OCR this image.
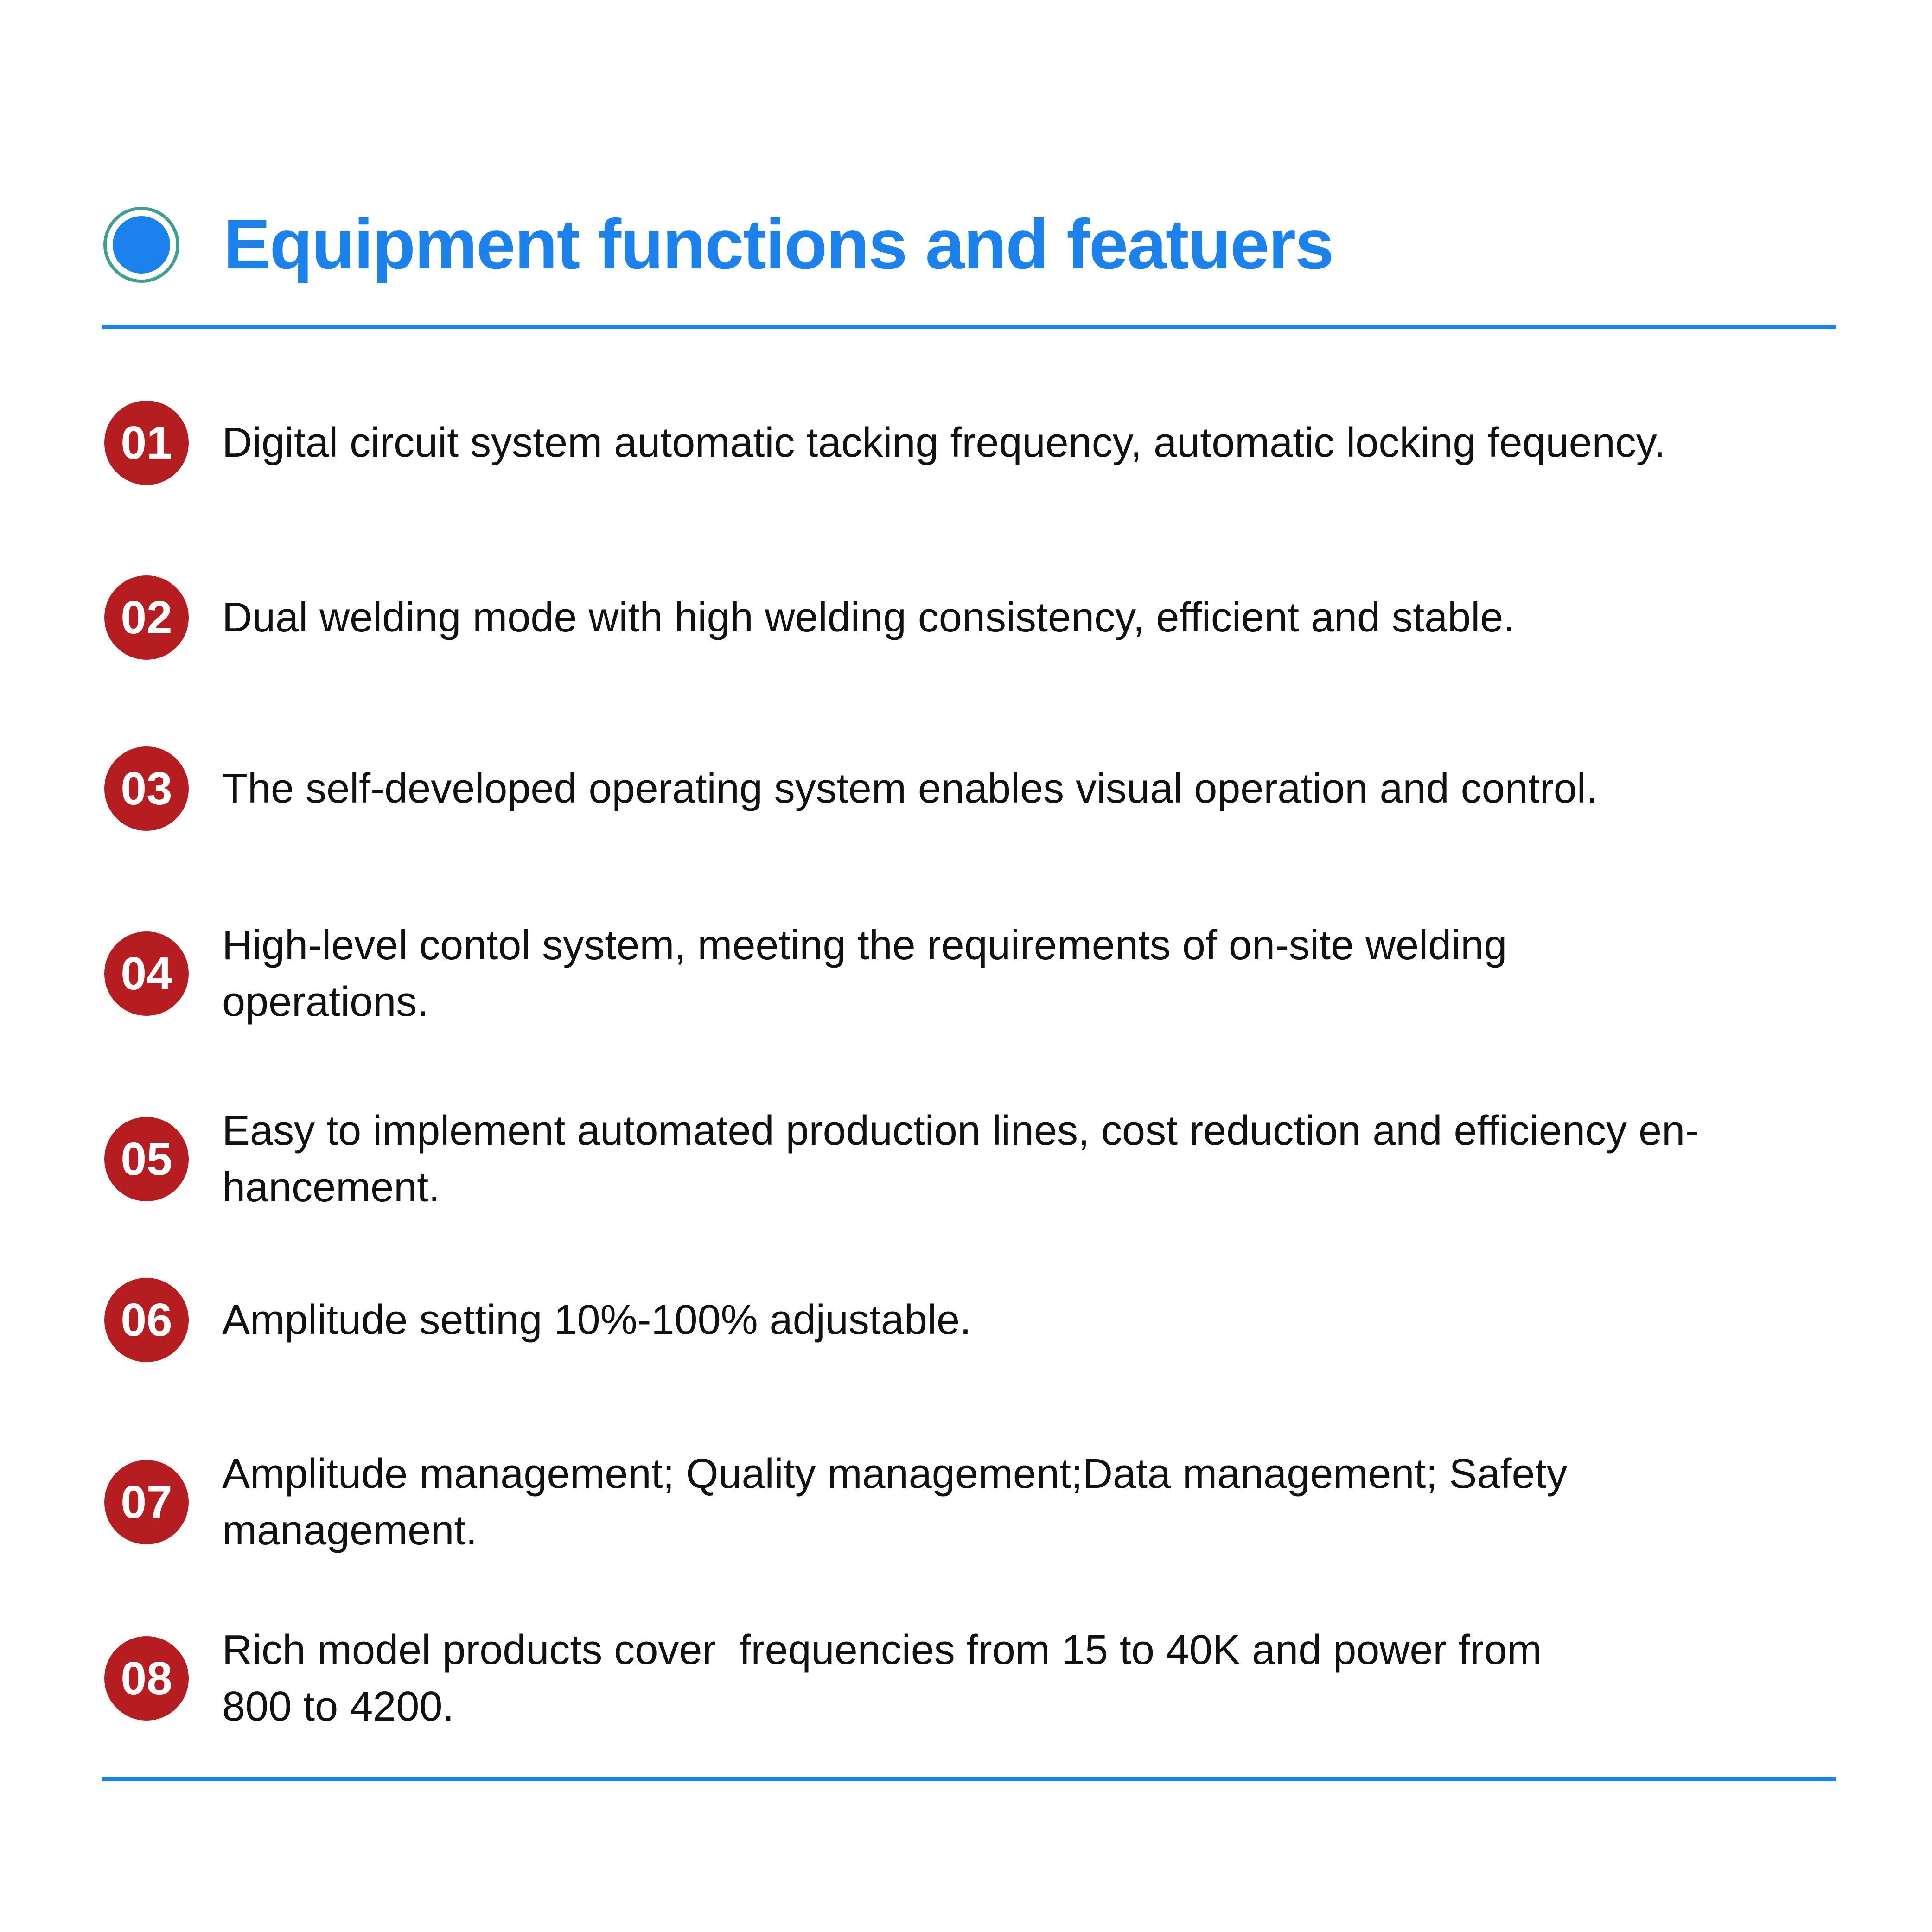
Equipment functions and featuers
01	Digital circuit system automatic tacking frequency, automatic locking fequency.
02	Dual welding mode with high welding consistency, efficient and stable.
03	The self-developed operating system enables visual operation and control.
04
High-level contol system, meeting the requirements of on-site welding
operations.
05
Easy to implement automated production lines, cost reduction and efficiency en-
hancement.
06	Amplitude setting 10%-100% adjustable.
07
Amplitude management; Quality management;Data management; Safety
management.
08
Rich model products cover  frequencies from 15 to 40K and power from
800 to 4200.
